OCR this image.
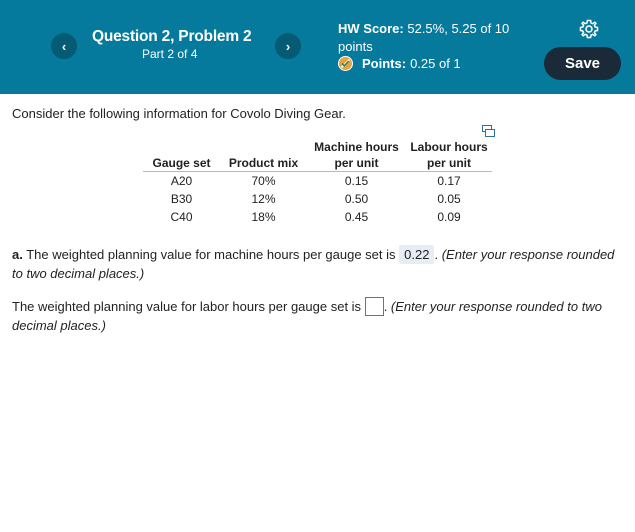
‹
Question 2, Problem 2
Part 2 of 4
›
HW Score: 52.5%, 5.25 of 10 points
Points: 0.25 of 1	Save
Consider the following information for Covolo Diving Gear.
Gauge set	Product mix	Machine hours per unit	Labour hours per unit
A20	70%	0.15	0.17
B30	12%	0.50	0.05
C40	18%	0.45	0.09
a. The weighted planning value for machine hours per gauge set is 0.22 . (Enter your response rounded to two decimal places.)
The weighted planning value for labor hours per gauge set is . (Enter your response rounded to two decimal places.)
